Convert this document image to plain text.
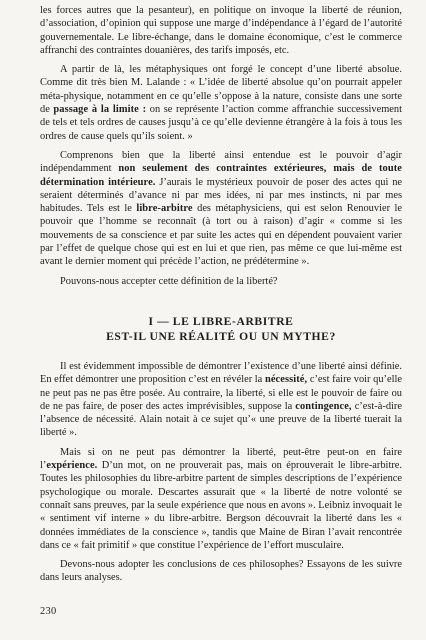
les forces autres que la pesanteur), en politique on invoque la liberté de réunion, d’association, d’opinion qui suppose une marge d’indépendance à l’égard de l’autorité gouvernementale. Le libre-échange, dans le domaine économique, c’est le commerce affranchi des contraintes douanières, des tarifs imposés, etc.

A partir de là, les métaphysiques ont forgé le concept d’une liberté absolue. Comme dit très bien M. Lalande : « L’idée de liberté absolue qu’on pourrait appeler méta-physique, notamment en ce qu’elle s’oppose à la nature, consiste dans une sorte de passage à la limite : on se représente l’action comme affranchie successivement de tels et tels ordres de causes jusqu’à ce qu’elle devienne étrangère à la fois à tous les ordres de cause quels qu’ils soient. »

Comprenons bien que la liberté ainsi entendue est le pouvoir d’agir indépendamment non seulement des contraintes extérieures, mais de toute détermination intérieure. J’aurais le mystérieux pouvoir de poser des actes qui ne seraient déterminés d’avance ni par mes idées, ni par mes instincts, ni par mes habitudes. Tels est le libre-arbitre des métaphysiciens, qui est selon Renouvier le pouvoir que l’homme se reconnaît (à tort ou à raison) d’agir « comme si les mouvements de sa conscience et par suite les actes qui en dépendent pouvaient varier par l’effet de quelque chose qui est en lui et que rien, pas même ce que lui-même est avant le dernier moment qui précède l’action, ne prédétermine ».

Pouvons-nous accepter cette définition de la liberté?

I — LE LIBRE-ARBITRE
EST-IL UNE RÉALITÉ OU UN MYTHE?

Il est évidemment impossible de démontrer l’existence d’une liberté ainsi définie. En effet démontrer une proposition c’est en révéler la nécessité, c’est faire voir qu’elle ne peut pas ne pas être posée. Au contraire, la liberté, si elle est le pouvoir de faire ou de ne pas faire, de poser des actes imprévisibles, suppose la contingence, c’est-à-dire l’absence de nécessité. Alain notait à ce sujet qu’« une preuve de la liberté tuerait la liberté ».

Mais si on ne peut pas démontrer la liberté, peut-être peut-on en faire l’expérience. D’un mot, on ne prouverait pas, mais on éprouverait le libre-arbitre. Toutes les philosophies du libre-arbitre partent de simples descriptions de l’expérience psychologique ou morale. Descartes assurait que « la liberté de notre volonté se connaît sans preuves, par la seule expérience que nous en avons ». Leibniz invoquait le « sentiment vif interne » du libre-arbitre. Bergson découvrait la liberté dans les « données immédiates de la conscience », tandis que Maine de Biran l’avait rencontrée dans ce « fait primitif » que constitue l’expérience de l’effort musculaire.

Devons-nous adopter les conclusions de ces philosophes? Essayons de les suivre dans leurs analyses.

230
